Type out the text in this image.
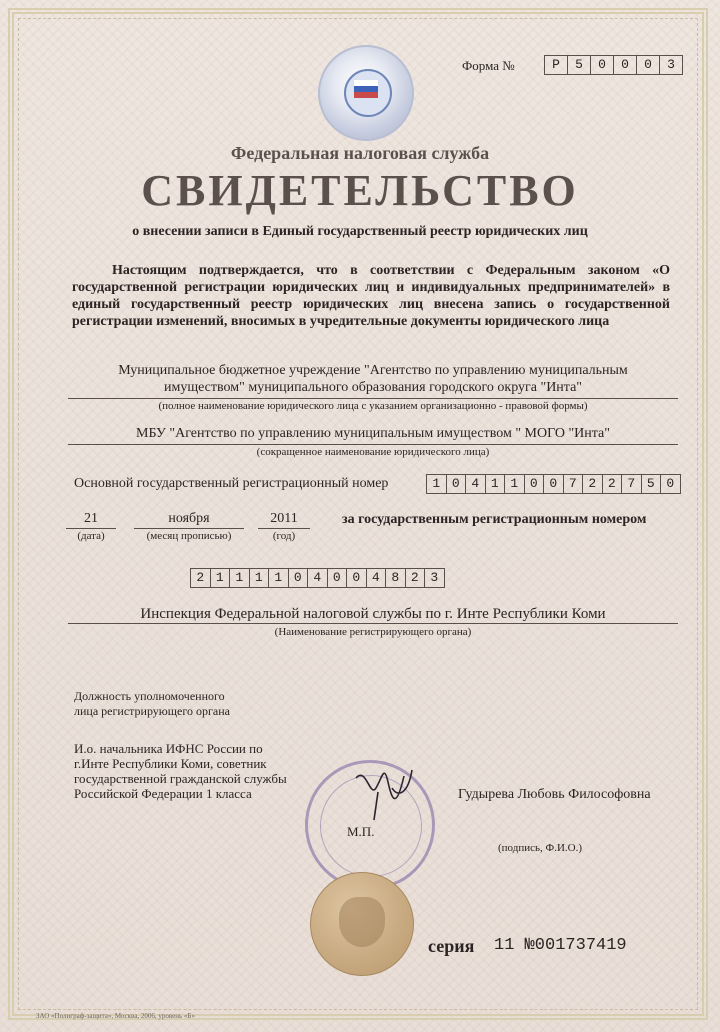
Форма №	Р	5	0	0	0	3
Федеральная налоговая служба
СВИДЕТЕЛЬСТВО
о внесении записи в Единый государственный реестр юридических лиц
Настоящим подтверждается, что в соответствии с Федеральным законом «О государственной регистрации юридических лиц и индивидуальных предпринимателей» в единый государственный реестр юридических лиц внесена запись о государственной регистрации изменений, вносимых в учредительные документы юридического лица
Муниципальное бюджетное учреждение "Агентство по управлению муниципальным
имуществом" муниципального образования городского округа "Инта"
(полное наименование юридического лица с указанием организационно - правовой формы)
МБУ "Агентство по управлению муниципальным имуществом " МОГО "Инта"
(сокращенное наименование юридического лица)
Основной государственный регистрационный номер	1 0 4 1 1 0 0 7 2 2 7 5 0
21
(дата)
ноября
(месяц прописью)
2011
(год)
за государственным регистрационным номером
2 1 1 1 1 0 4 0 0 4 8 2 3
Инспекция Федеральной налоговой службы по г. Инте Республики Коми
(Наименование регистрирующего органа)
Должность уполномоченного
лица регистрирующего органа
И.о. начальника ИФНС России по
г.Инте Республики Коми, советник
государственной гражданской службы
Российской Федерации 1 класса
М.П.
Гудырева Любовь Философовна
(подпись, Ф.И.О.)
серия 11 №001737419
ЗАО «Полиграф-защита», Москва, 2006, уровень «Б»
